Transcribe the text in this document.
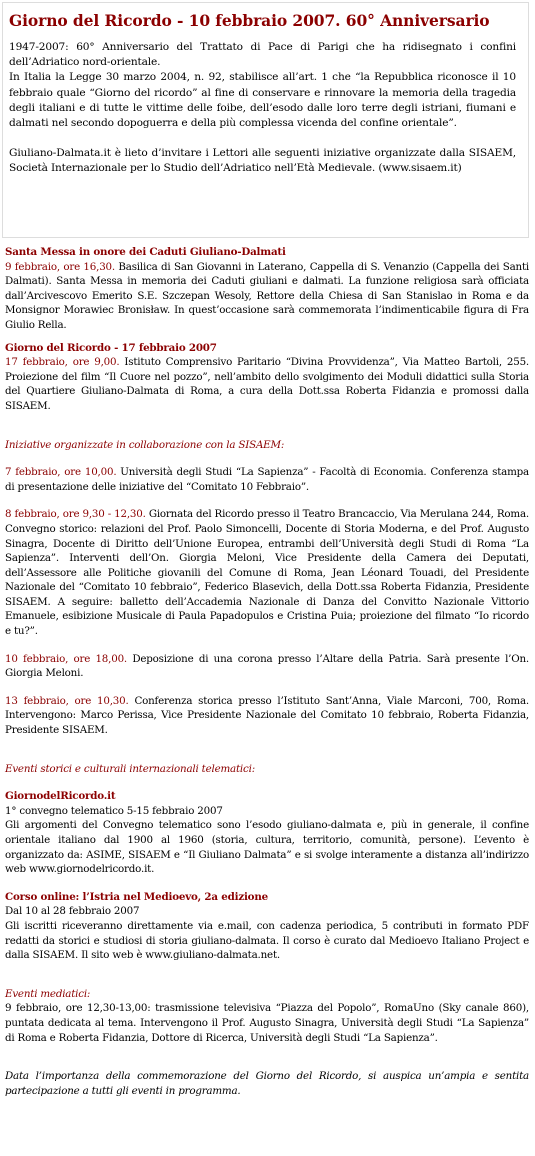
Giorno del Ricordo - 10 febbraio 2007. 60° Anniversario

1947-2007: 60° Anniversario del Trattato di Pace di Parigi che ha ridisegnato i confini dell’Adriatico nord-orientale.
In Italia la Legge 30 marzo 2004, n. 92, stabilisce all’art. 1 che “la Repubblica riconosce il 10 febbraio quale “Giorno del ricordo” al fine di conservare e rinnovare la memoria della tragedia degli italiani e di tutte le vittime delle foibe, dell’esodo dalle loro terre degli istriani, fiumani e dalmati nel secondo dopoguerra e della più complessa vicenda del confine orientale”.

Giuliano-Dalmata.it è lieto d’invitare i Lettori alle seguenti iniziative organizzate dalla SISAEM, Società Internazionale per lo Studio dell’Adriatico nell’Età Medievale. (www.sisaem.it)

Santa Messa in onore dei Caduti Giuliano-Dalmati

9 febbraio, ore 16,30. Basilica di San Giovanni in Laterano, Cappella di S. Venanzio (Cappella dei Santi Dalmati). Santa Messa in memoria dei Caduti giuliani e dalmati. La funzione religiosa sarà officiata dall’Arcivescovo Emerito S.E. Szczepan Wesoly, Rettore della Chiesa di San Stanislao in Roma e da Monsignor Morawiec Bronisław. In quest’occasione sarà commemorata l’indimenticabile figura di Fra Giulio Rella.

Giorno del Ricordo - 17 febbraio 2007

17 febbraio, ore 9,00. Istituto Comprensivo Paritario “Divina Provvidenza”, Via Matteo Bartoli, 255. Proiezione del film “Il Cuore nel pozzo”, nell’ambito dello svolgimento dei Moduli didattici sulla Storia del Quartiere Giuliano-Dalmata di Roma, a cura della Dott.ssa Roberta Fidanzia e promossi dalla SISAEM.

Iniziative organizzate in collaborazione con la SISAEM:

7 febbraio, ore 10,00. Università degli Studi “La Sapienza” - Facoltà di Economia. Conferenza stampa di presentazione delle iniziative del “Comitato 10 Febbraio”.

8 febbraio, ore 9,30 - 12,30. Giornata del Ricordo presso il Teatro Brancaccio, Via Merulana 244, Roma. Convegno storico: relazioni del Prof. Paolo Simoncelli, Docente di Storia Moderna, e del Prof. Augusto Sinagra, Docente di Diritto dell’Unione Europea, entrambi dell’Università degli Studi di Roma “La Sapienza”. Interventi dell’On. Giorgia Meloni, Vice Presidente della Camera dei Deputati, dell’Assessore alle Politiche giovanili del Comune di Roma, Jean Léonard Touadi, del Presidente Nazionale del “Comitato 10 febbraio”, Federico Blasevich, della Dott.ssa Roberta Fidanzia, Presidente SISAEM. A seguire: balletto dell’Accademia Nazionale di Danza del Convitto Nazionale Vittorio Emanuele, esibizione Musicale di Paula Papadopulos e Cristina Puia; proiezione del filmato “Io ricordo e tu?”.

10 febbraio, ore 18,00. Deposizione di una corona presso l’Altare della Patria. Sarà presente l’On. Giorgia Meloni.

13 febbraio, ore 10,30. Conferenza storica presso l’Istituto Sant’Anna, Viale Marconi, 700, Roma. Intervengono: Marco Perissa, Vice Presidente Nazionale del Comitato 10 febbraio, Roberta Fidanzia, Presidente SISAEM.

Eventi storici e culturali internazionali telematici:

GiornodelRicordo.it

1° convegno telematico 5-15 febbraio 2007

Gli argomenti del Convegno telematico sono l’esodo giuliano-dalmata e, più in generale, il confine orientale italiano dal 1900 al 1960 (storia, cultura, territorio, comunità, persone). L’evento è organizzato da: ASIME, SISAEM e “Il Giuliano Dalmata” e si svolge interamente a distanza all’indirizzo web www.giornodelricordo.it.

Corso online: l’Istria nel Medioevo, 2a edizione

Dal 10 al 28 febbraio 2007

Gli iscritti riceveranno direttamente via e.mail, con cadenza periodica, 5 contributi in formato PDF redatti da storici e studiosi di storia giuliano-dalmata. Il corso è curato dal Medioevo Italiano Project e dalla SISAEM. Il sito web è www.giuliano-dalmata.net.

Eventi mediatici:

9 febbraio, ore 12,30-13,00: trasmissione televisiva “Piazza del Popolo”, RomaUno (Sky canale 860), puntata dedicata al tema. Intervengono il Prof. Augusto Sinagra, Università degli Studi “La Sapienza” di Roma e Roberta Fidanzia, Dottore di Ricerca, Università degli Studi “La Sapienza”.

Data l’importanza della commemorazione del Giorno del Ricordo, si auspica un’ampia e sentita partecipazione a tutti gli eventi in programma.
